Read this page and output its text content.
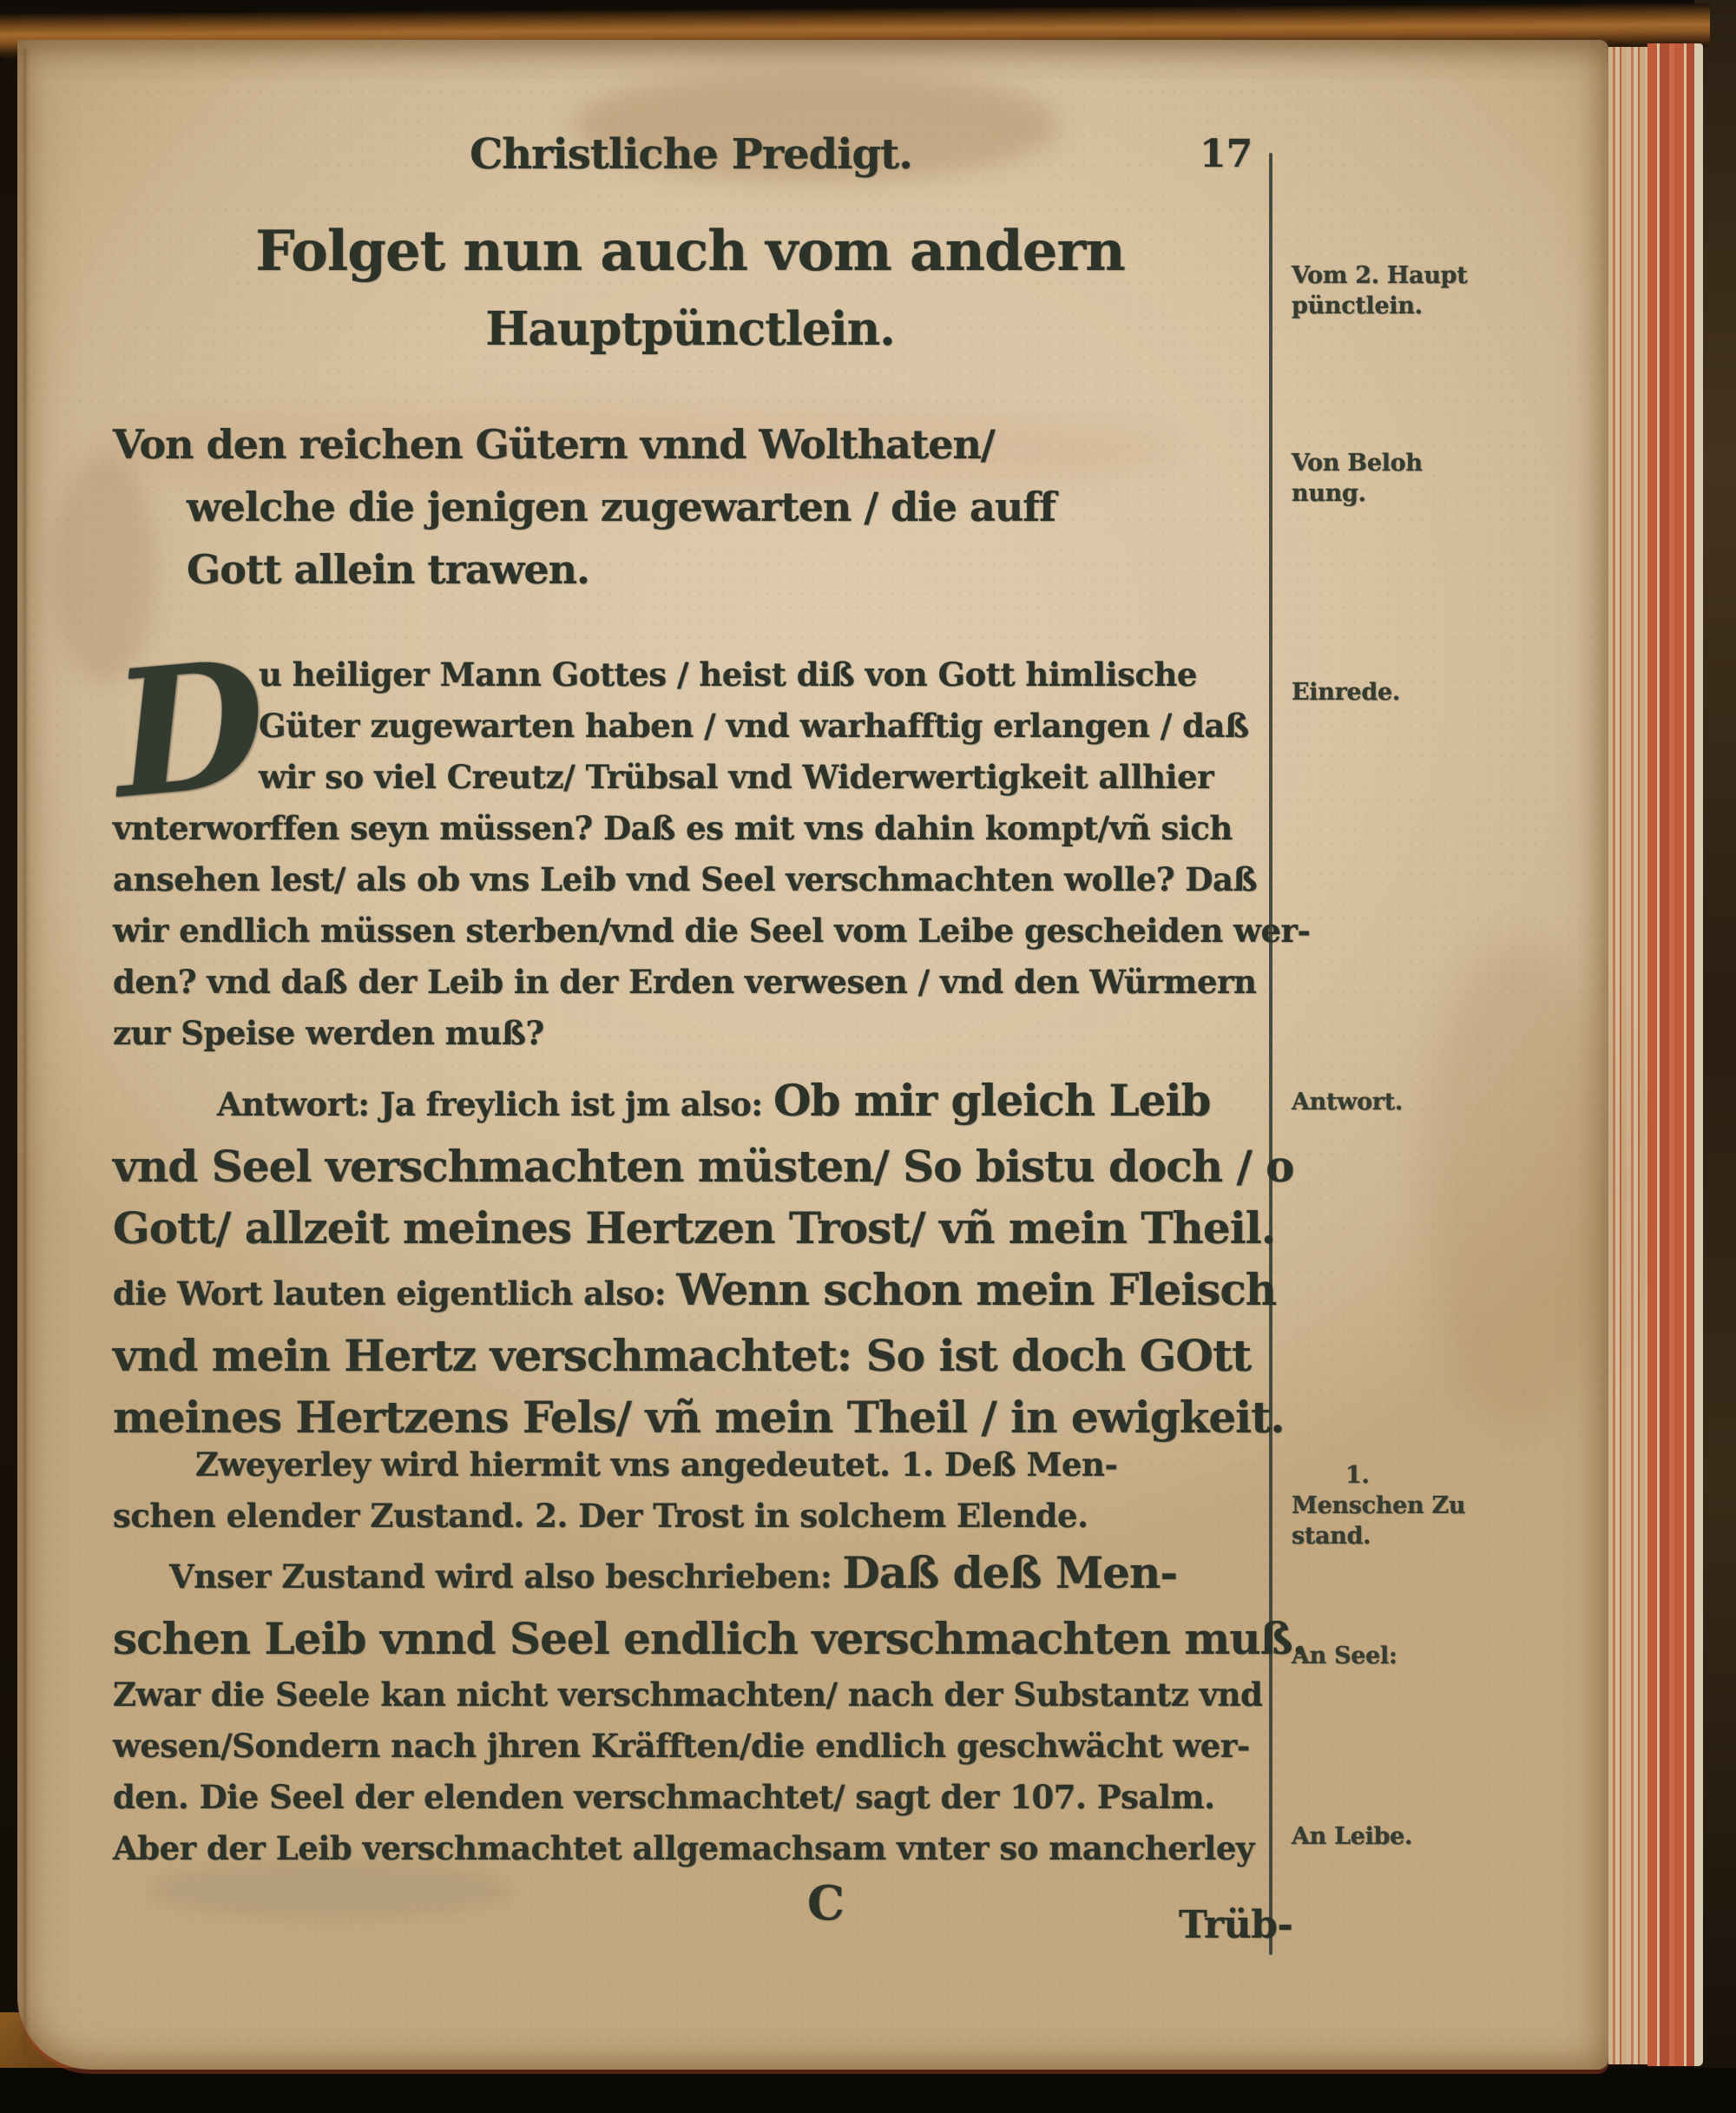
Christliche Predigt.	17
Folget nun auch vom andern
Hauptpünctlein.
Von den reichen Gütern vnnd Wolthaten/
welche die jenigen zugewarten / die auff
Gott allein trawen.
D
u heiliger Mann Gottes / heist diß von Gott himlische
Güter zugewarten haben / vnd warhafftig erlangen / daß
wir so viel Creutz/ Trübsal vnd Widerwertigkeit allhier
vnterworffen seyn müssen? Daß es mit vns dahin kompt/vñ sich
ansehen lest/ als ob vns Leib vnd Seel verschmachten wolle? Daß
wir endlich müssen sterben/vnd die Seel vom Leibe gescheiden wer-
den? vnd daß der Leib in der Erden verwesen / vnd den Würmern
zur Speise werden muß?
Antwort: Ja freylich ist jm also: Ob mir gleich Leib
vnd Seel verschmachten müsten/ So bistu doch / o
Gott/ allzeit meines Hertzen Trost/ vñ mein Theil.
die Wort lauten eigentlich also: Wenn schon mein Fleisch
vnd mein Hertz verschmachtet: So ist doch GOtt
meines Hertzens Fels/ vñ mein Theil / in ewigkeit.
Zweyerley wird hiermit vns angedeutet. 1. Deß Men-
schen elender Zustand. 2. Der Trost in solchem Elende.
Vnser Zustand wird also beschrieben: Daß deß Men-
schen Leib vnnd Seel endlich verschmachten muß.
Zwar die Seele kan nicht verschmachten/ nach der Substantz vnd
wesen/Sondern nach jhren Kräfften/die endlich geschwächt wer-
den. Die Seel der elenden verschmachtet/ sagt der 107. Psalm.
Aber der Leib verschmachtet allgemachsam vnter so mancherley
C	Trüb-
Vom 2. Haupt
pünctlein.
Von Beloh
nung.
Einrede.
Antwort.
1.
Menschen Zu
stand.
An Seel:
An Leibe.
